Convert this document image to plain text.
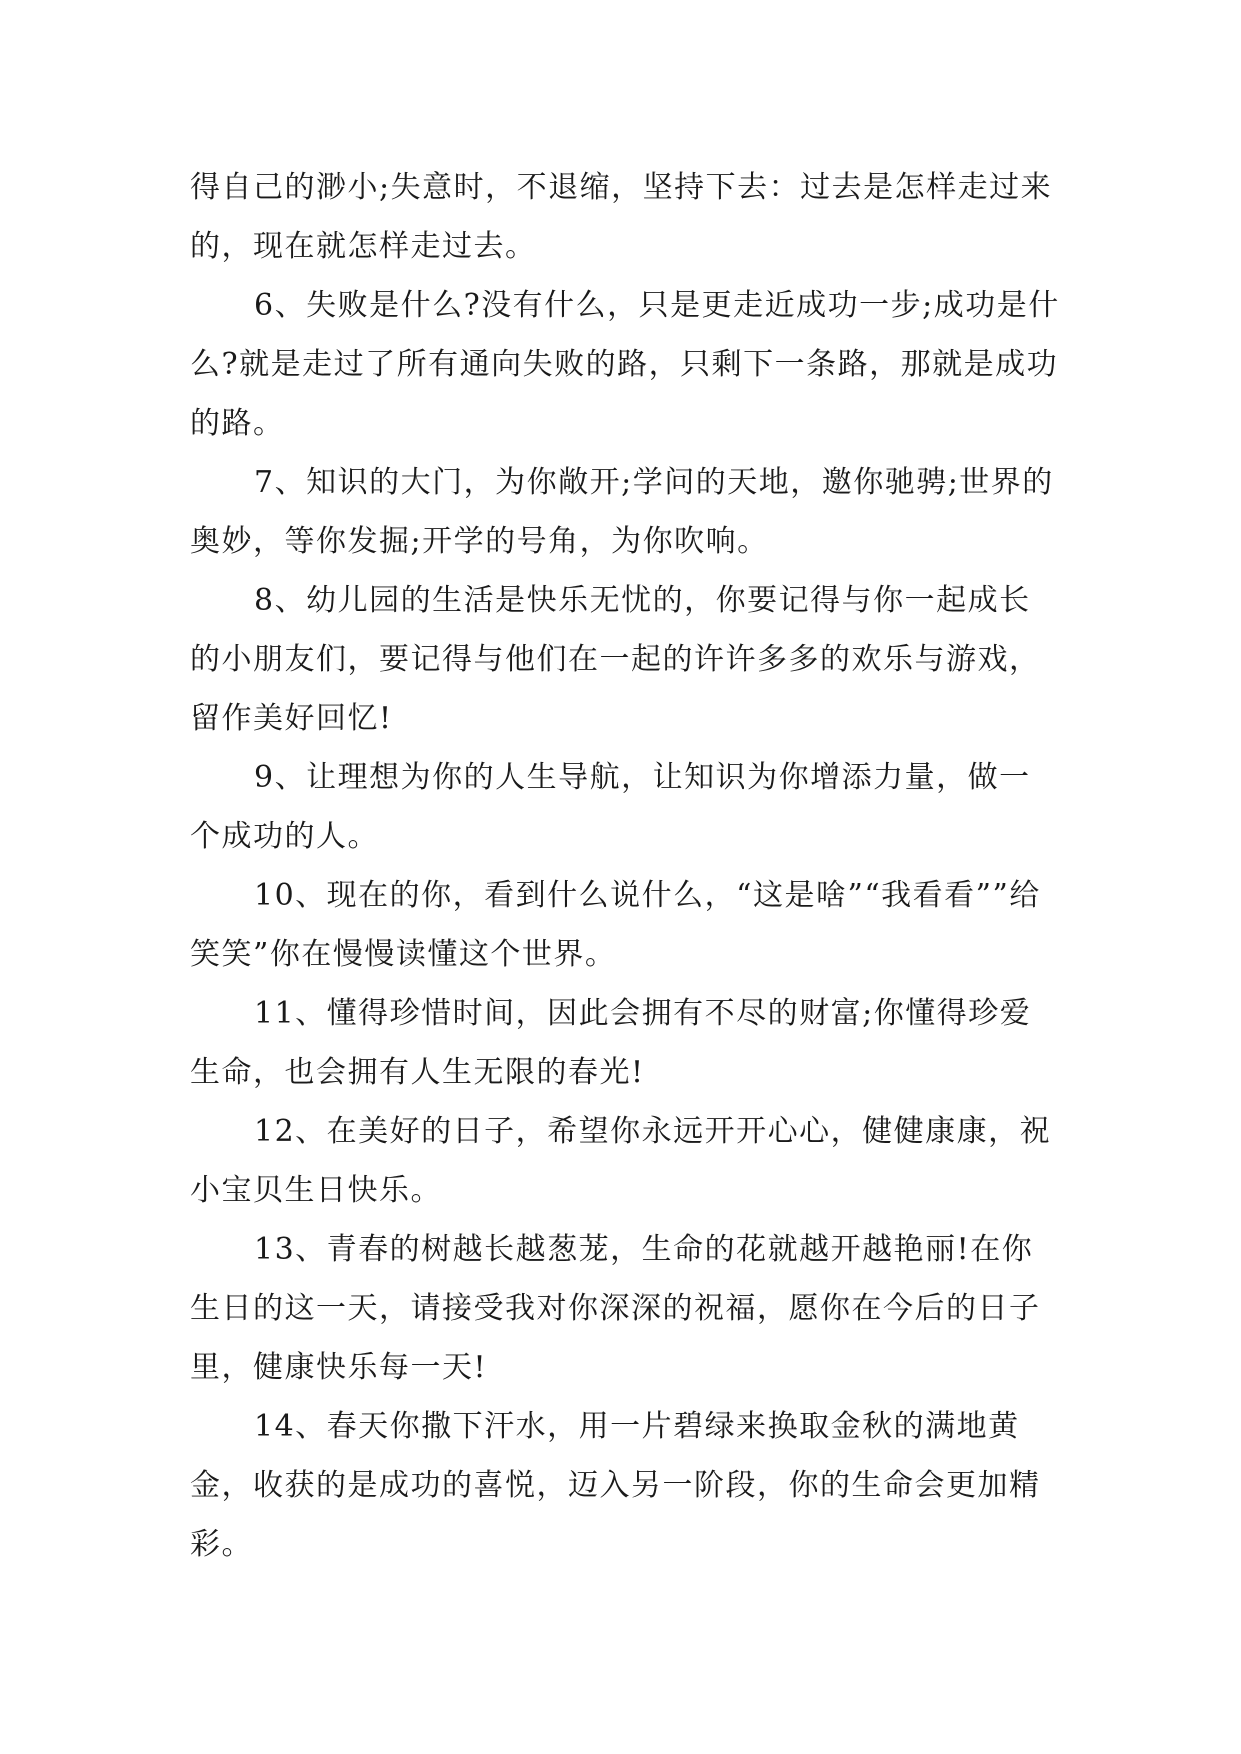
得自己的渺小;失意时，不退缩，坚持下去：过去是怎样走过来的，现在就怎样走过去。

6、失败是什么?没有什么，只是更走近成功一步;成功是什么?就是走过了所有通向失败的路，只剩下一条路，那就是成功的路。

7、知识的大门，为你敞开;学问的天地，邀你驰骋;世界的奥妙，等你发掘;开学的号角，为你吹响。

8、幼儿园的生活是快乐无忧的，你要记得与你一起成长的小朋友们，要记得与他们在一起的许许多多的欢乐与游戏，留作美好回忆!

9、让理想为你的人生导航，让知识为你增添力量，做一个成功的人。

10、现在的你，看到什么说什么，“这是啥”“我看看””给笑笑”你在慢慢读懂这个世界。

11、懂得珍惜时间，因此会拥有不尽的财富;你懂得珍爱生命，也会拥有人生无限的春光!

12、在美好的日子，希望你永远开开心心，健健康康，祝小宝贝生日快乐。

13、青春的树越长越葱茏，生命的花就越开越艳丽!在你生日的这一天，请接受我对你深深的祝福，愿你在今后的日子里，健康快乐每一天!

14、春天你撒下汗水，用一片碧绿来换取金秋的满地黄金，收获的是成功的喜悦，迈入另一阶段，你的生命会更加精彩。
